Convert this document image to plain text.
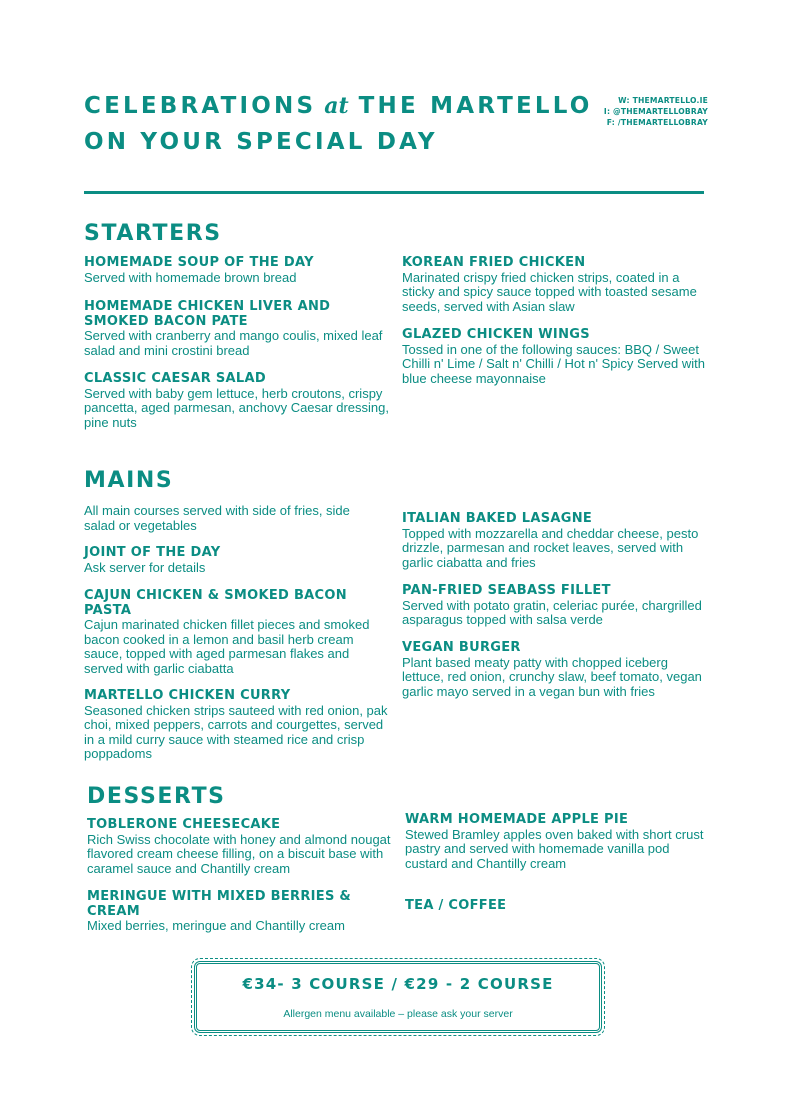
CELEBRATIONS at THE MARTELLO
ON YOUR SPECIAL DAY
W: THEMARTELLO.IE
I: @THEMARTELLOBRAY
F: /THEMARTELLOBRAY
STARTERS
HOMEMADE SOUP OF THE DAY
Served with homemade brown bread
HOMEMADE CHICKEN LIVER AND SMOKED BACON PATE
Served with cranberry and mango coulis, mixed leaf salad and mini crostini bread
CLASSIC CAESAR SALAD
Served with baby gem lettuce, herb croutons, crispy pancetta, aged parmesan, anchovy Caesar dressing, pine nuts
KOREAN FRIED CHICKEN
Marinated crispy fried chicken strips, coated in a sticky and spicy sauce topped with toasted sesame seeds, served with Asian slaw
GLAZED CHICKEN WINGS
Tossed in one of the following sauces: BBQ / Sweet Chilli n' Lime / Salt n' Chilli / Hot n' Spicy Served with blue cheese mayonnaise
MAINS
All main courses served with side of fries, side salad or vegetables
JOINT OF THE DAY
Ask server for details
CAJUN CHICKEN & SMOKED BACON PASTA
Cajun marinated chicken fillet pieces and smoked bacon cooked in a lemon and basil herb cream sauce, topped with aged parmesan flakes and served with garlic ciabatta
MARTELLO CHICKEN CURRY
Seasoned chicken strips sauteed with red onion, pak choi, mixed peppers, carrots and courgettes, served in a mild curry sauce with steamed rice and crisp poppadoms
ITALIAN BAKED LASAGNE
Topped with mozzarella and cheddar cheese, pesto drizzle, parmesan and rocket leaves, served with garlic ciabatta and fries
PAN-FRIED SEABASS FILLET
Served with potato gratin, celeriac purée, chargrilled asparagus topped with salsa verde
VEGAN BURGER
Plant based meaty patty with chopped iceberg lettuce, red onion, crunchy slaw, beef tomato, vegan garlic mayo served in a vegan bun with fries
DESSERTS
TOBLERONE CHEESECAKE
Rich Swiss chocolate with honey and almond nougat flavored cream cheese filling, on a biscuit base with caramel sauce and Chantilly cream
MERINGUE WITH MIXED BERRIES & CREAM
Mixed berries, meringue and Chantilly cream
WARM HOMEMADE APPLE PIE
Stewed Bramley apples oven baked with short crust pastry and served with homemade vanilla pod custard and Chantilly cream
TEA / COFFEE
€34- 3 COURSE / €29 - 2 COURSE
Allergen menu available – please ask your server
